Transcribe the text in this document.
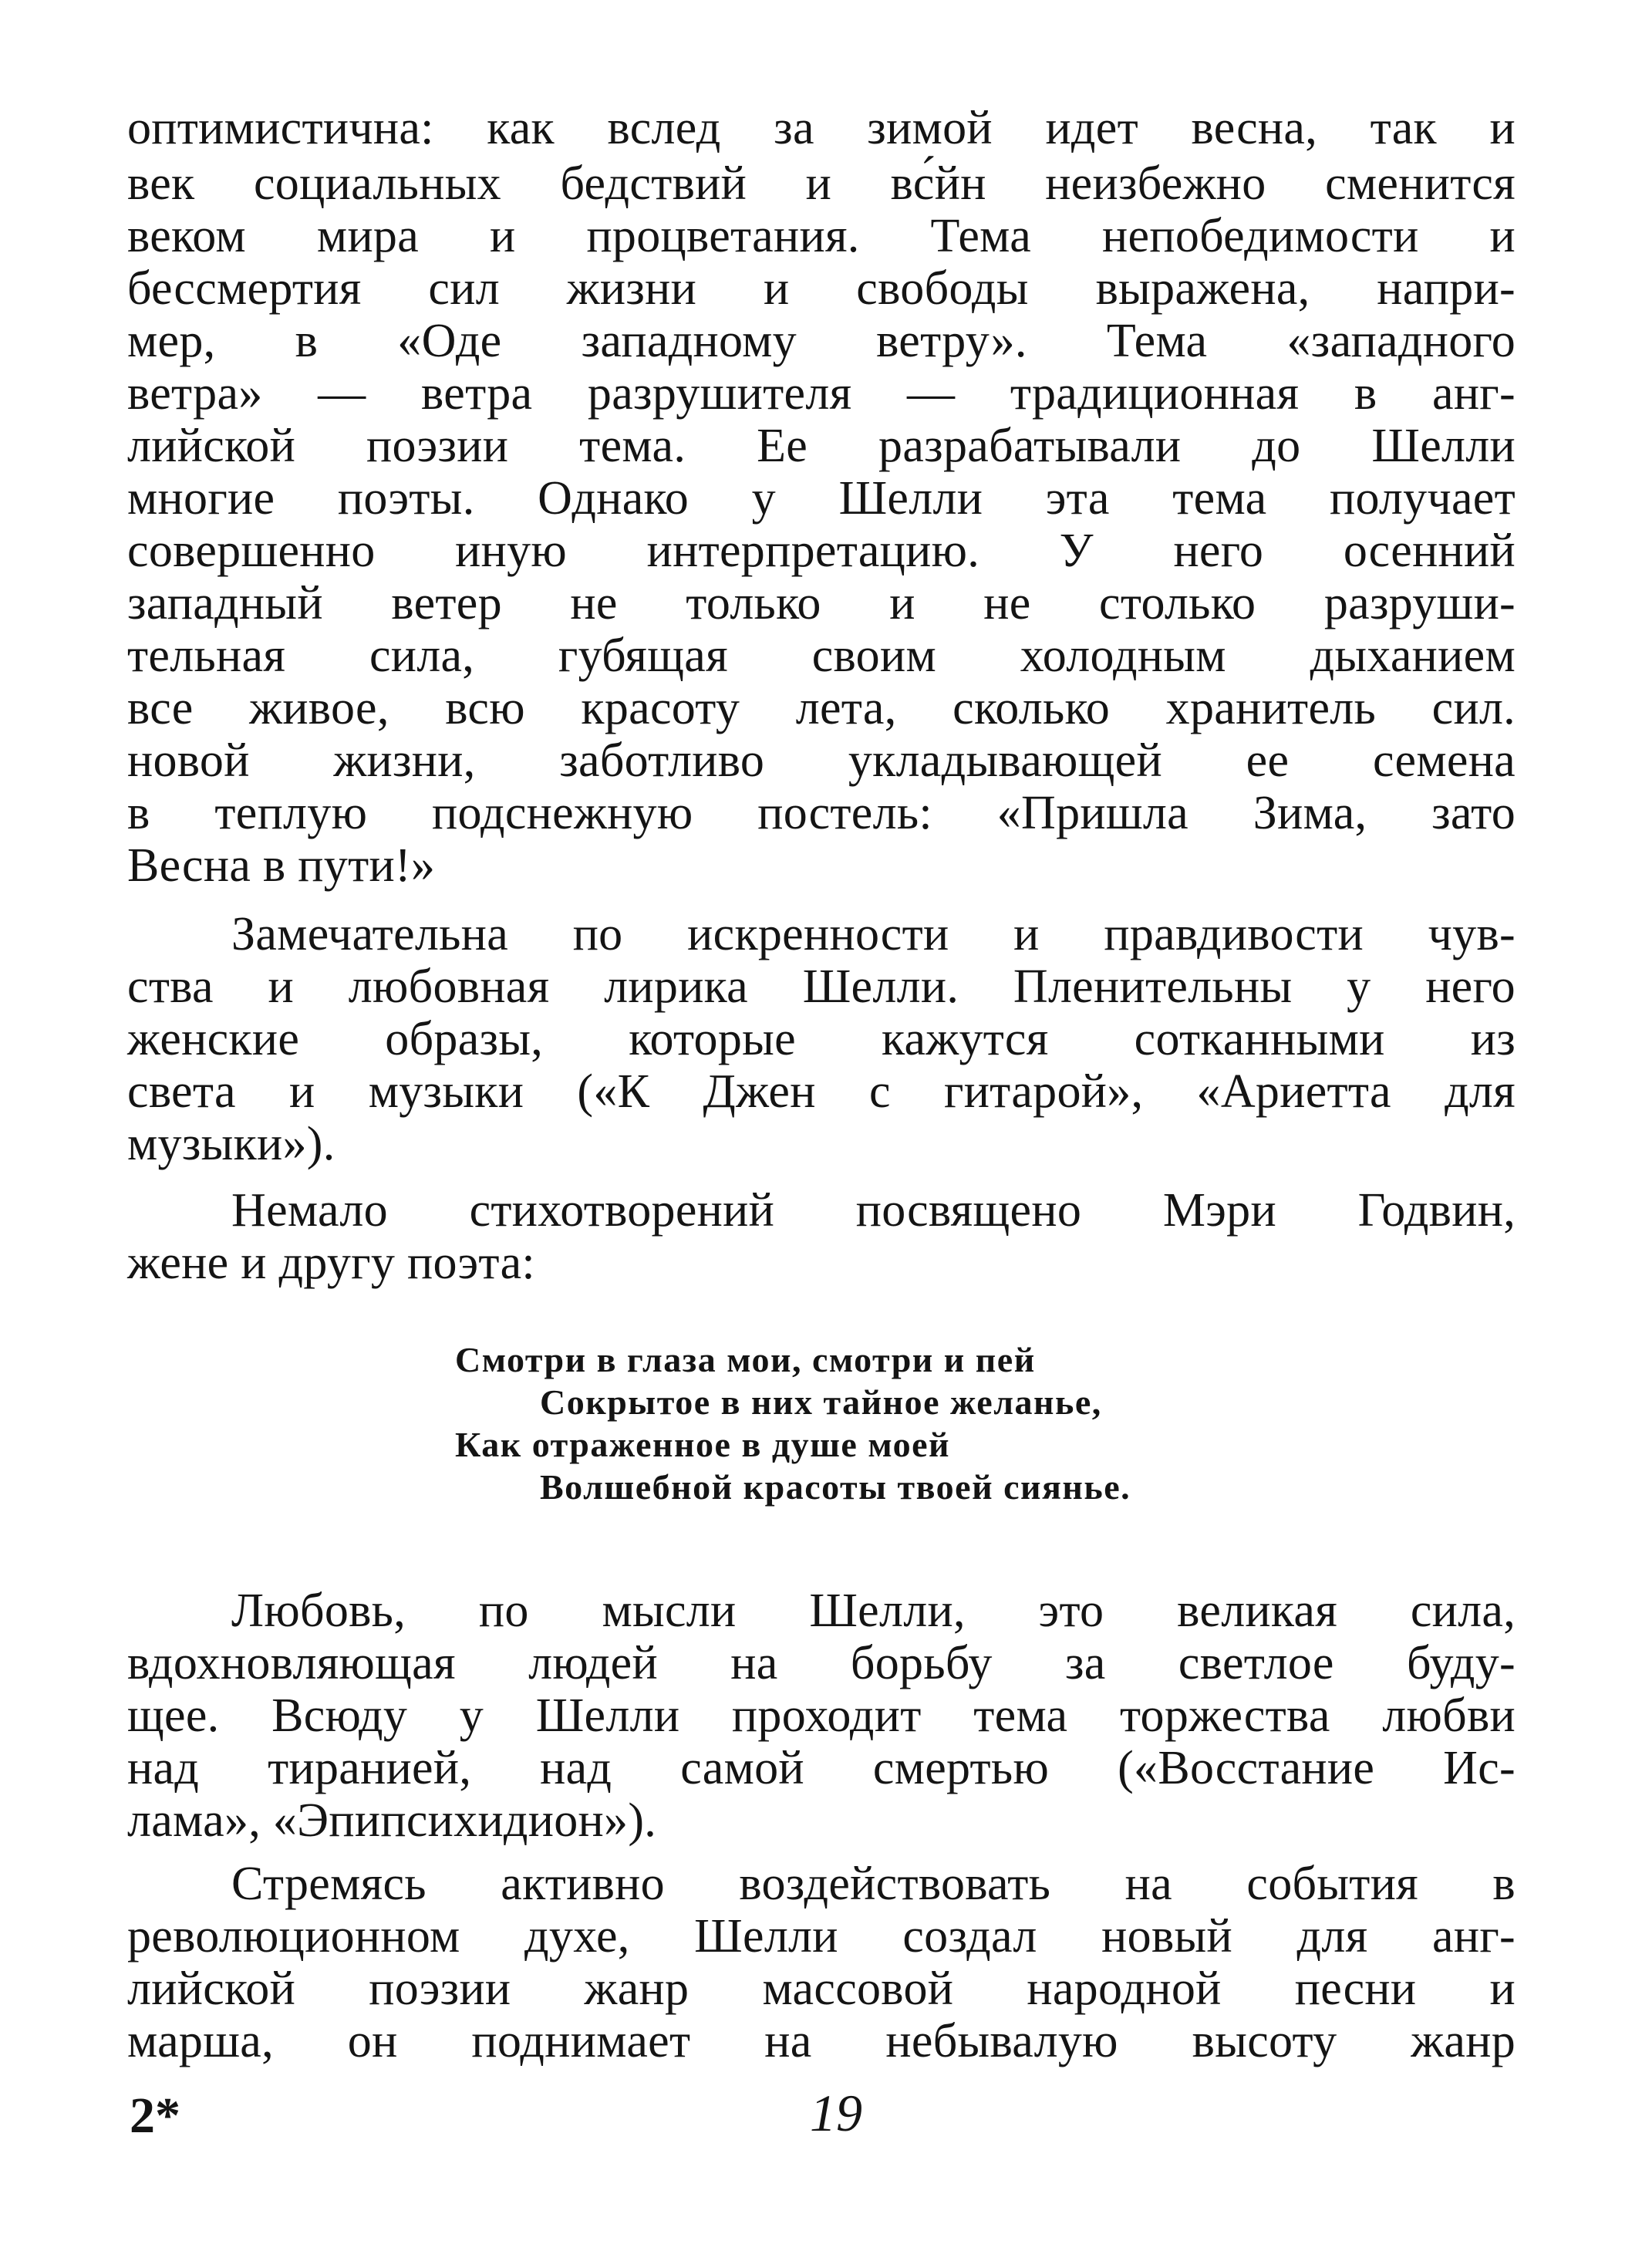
оптимистична: как вслед за зимой идет весна, так и
век социальных бедствий и вс́йн неизбежно сменится
веком мира и процветания. Тема непобедимости и
бессмертия сил жизни и свободы выражена, напри-
мер, в «Оде западному ветру». Тема «западного
ветра» — ветра разрушителя — традиционная в анг-
лийской поэзии тема. Ее разрабатывали до Шелли
многие поэты. Однако у Шелли эта тема получает
совершенно иную интерпретацию. У него осенний
западный ветер не только и не столько разруши-
тельная сила, губящая своим холодным дыханием
все живое, всю красоту лета, сколько хранитель сил.
новой жизни, заботливо укладывающей ее семена
в теплую подснежную постель: «Пришла Зима, зато
Весна в пути!»
Замечательна по искренности и правдивости чув-
ства и любовная лирика Шелли. Пленительны у него
женские образы, которые кажутся сотканными из
света и музыки («К Джен с гитарой», «Ариетта для
музыки»).
Немало стихотворений посвящено Мэри Годвин,
жене и другу поэта:
Смотри в глаза мои, смотри и пей
Сокрытое в них тайное желанье,
Как отраженное в душе моей
Волшебной красоты твоей сиянье.
Любовь, по мысли Шелли, это великая сила,
вдохновляющая людей на борьбу за светлое буду-
щее. Всюду у Шелли проходит тема торжества любви
над тиранией, над самой смертью («Восстание Ис-
лама», «Эпипсихидион»).
Стремясь активно воздействовать на события в
революционном духе, Шелли создал новый для анг-
лийской поэзии жанр массовой народной песни и
марша, он поднимает на небывалую высоту жанр
2*	19
